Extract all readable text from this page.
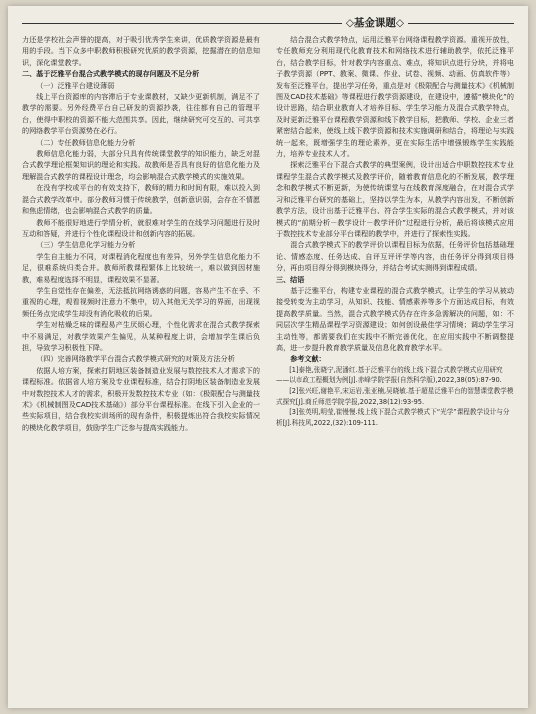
◇基金课题◇

力还是学校社会声誉的提高，对于吸引优秀学生来讲，优质教学资源是最有用的手段。当下众多中职教师积极研究优质的教学资源，挖掘潜在的信息知识，深化课堂教学。

二、基于泛雅平台混合式教学模式的现存问题及不足分析

（一）泛雅平台建设薄弱

线上平台资源库的内容滞后于专业课教材，又缺少更新机制，满足不了教学的需要。另外经费平台自己研发的资源抄袭，往往都有自己的管理平台，使得中职校的资源不能大范围共享。因此，继续研究可交互的、可共享的网络教学平台资源势在必行。

（二）专任教师信息化能力分析

教师信息化能力弱，大部分只具有传统课堂教学的知识能力，缺乏对混合式教学理论框架知识的理论和实践。故教师是否具有良好的信息化能力及理解混合式教学的课程设计理念，均会影响混合式教学模式的实施效果。

在没有学校或平台的有效支持下，教师的精力和时间有限，难以投入到混合式教学改革中。部分教师习惯于传统教学，创新意识弱，会存在不情愿和焦虑情绪，也会影响混合式教学的质量。

教师不能很好地进行学情分析，就很难对学生的在线学习问题进行及时互动和答疑，并进行个性化课程设计和创新内容的拓展。

（三）学生信息化学习能力分析

学生自主能力不同，对课程消化程度也有差异，另外学生信息化能力不足，很难系统归类合并。教师所教课程繁体上比较统一，难以做到因材施教，难易程度选择不明显，课程效果不显著。

学生自觉性存在偏差，无法抵抗网络诱惑的问题，容易产生不在乎、不重视的心理，观看视频时注意力不集中，切入其他无关学习的界面，出现视频任务点完成学生却没有消化吸收的后果。

学生对枯燥乏味的课程易产生厌烦心理，个性化需求在混合式教学探索中不易满足，对教学效果产生偏见，从某种程度上讲，会增加学生课后负担，导致学习积极性下降。

（四）完善网络教学平台混合式教学模式研究的对策及方法分析

依据人培方案，探索打阴地区装备制造业发展与数控技术人才需求下的课程标准。依据省人培方案及专业课程标准，结合打阴地区装备制造业发展中对数控技术人才的需求，积极开发数控技术专业（如：《极限配合与测量技术》《机械制图及CAD技术基础》）部分平台课程标准。在线下引入企业的一些实际项目，结合我校实训场所的现有条件，积极提炼出符合我校实际情况的模块化教学项目，鼓励学生广泛参与提高实践能力。

结合混合式教学特点，运用泛雅平台网络课程教学资源。重视开放性，专任教师充分利用现代化教育技术和网络技术进行辅助教学，依托泛雅平台，结合教学目标，针对教学内容重点、难点，将知识点进行分块，并将电子教学资源（PPT、教案、微课、作业、试卷、视频、动画、仿真软件等）发布至泛雅平台，提出学习任务，重点是对《极限配合与测量技术》《机械制图及CAD技术基础》等课程进行教学资源建设，在建设中，遵循“模块化”的设计思路，结合职业教育人才培养目标、学生学习能力及混合式教学特点，及时更新泛雅平台课程教学资源和线下教学目标，把教师、学校、企业三者紧密结合起来，使线上线下教学资源和技术实施调研和结合，将理论与实践统一起来，既增强学生的理论素养，更在实际生活中增强锻炼学生实践能力，培养专业技术人才。

探索泛雅平台下混合式教学的典型案例，设计出适合中职数控技术专业课程学生混合式教学模式及教学评价，随着教育信息化的不断发展，教学理念和教学模式不断更新，为使传统课堂与在线教育深度融合，在对混合式学习和泛雅平台研究的基础上，坚持以学生为本，从教学内容出发，不断创新教学方法，设计出基于泛雅平台、符合学生实际的混合式教学模式，并对该模式的“前期分析－教学设计－教学评价”过程进行分析，最后将该模式应用于数控技术专业部分平台课程的教学中，并进行了探索性实践。

混合式教学模式下的教学评价以课程目标为依据，任务评价包括基础理论、情感态度、任务达成、自评互评评学等内容，由任务评分得到项目得分，再由项目得分得到模块得分，并结合考试实测得到课程成绩。

三、结语

基于泛雅平台，构建专业课程的混合式教学模式，让学生的学习从被动接受转变为主动学习，从知识、技能、情感素养等多个方面达成目标，有效提高教学质量。当然，混合式教学模式仍存在许多急需解决的问题，如：不同层次学生精品课程学习资源建设；如何创设最佳学习情境；调动学生学习主动性等，都需要我们在实践中不断完善优化，在应用实践中不断调整提高，进一步提升教育教学质量及信息化教育教学水平。

参考文献：

[1]泰艳,张晓宁,泥潘红.基于泛雅平台的线上线下混合式教学模式应用研究——以市政工程概划为例[J].赤峰学院学报(自然科学版),2022,38(05):87-90.

[2]张兴旺,谢艳平,宋运岩,张亚楠,吴晓敏.基于超星泛雅平台的智慧课堂教学模式探究[J].商丘师范学院学报,2022,38(12):93-95.

[3]张英明,明莹,崔慢慢.线上线下混合式教学模式下“光学”课程教学设计与分析[J].科技风,2022,(32):109-111.
